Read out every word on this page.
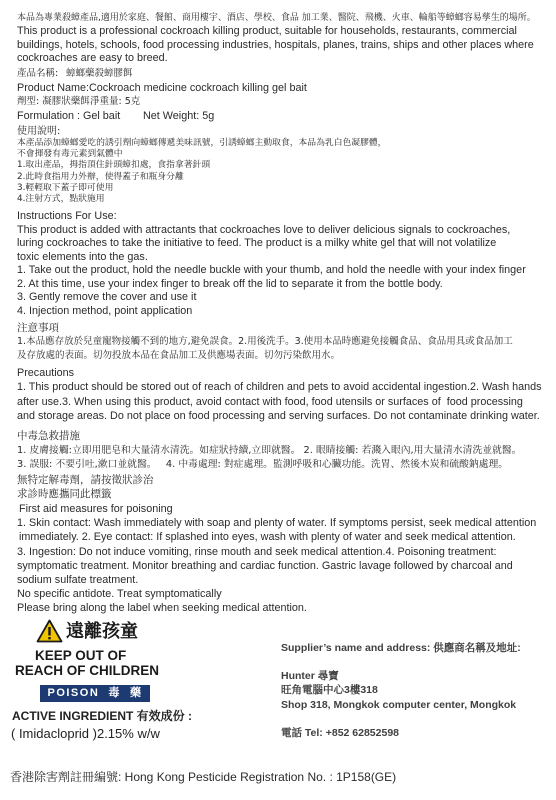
本品為專業殺蟑產品,適用於家庭、餐館、商用樓宇、酒店、學校、食品 加工業、醫院、飛機、火車、輪船等蟑螂容易孳生的場所。
This product is a professional cockroach killing product, suitable for households, restaurants, commercial
buildings, hotels, schools, food processing industries, hospitals, planes, trains, ships and other places where
cockroaches are easy to breed.
產品名稱: 蟑螂藥殺蟑膠餌
Product Name:Cockroach medicine cockroach killing gel bait
劑型: 凝膠狀藥餌淨重量: 5克
Formulation : Gel bait Net Weight: 5g
使用說明:
本產品添加蟑螂愛吃的誘引劑向蟑螂傳遞美味訊號，引誘蟑螂主動取食，本品為乳白色凝膠體，
不會揮發有毒元素到氣體中
1.取出產品，拇指頂住針頭蟑扣處，食指拿著針頭
2.此時食指用力外辦，使得蓋子和瓶身分離
3.輕輕取下蓋子即可使用
4.注射方式，點狀施用
Instructions For Use:
This product is added with attractants that cockroaches love to deliver delicious signals to cockroaches,
luring cockroaches to take the initiative to feed. The product is a milky white gel that will not volatilize
toxic elements into the gas.
1. Take out the product, hold the needle buckle with your thumb, and hold the needle with your index finger
2. At this time, use your index finger to break off the lid to separate it from the bottle body.
3. Gently remove the cover and use it
4. Injection method, point application
注意事項
1.本品應存放於兒童寵物接觸不到的地方,避免誤食。2.用後洗手。3.使用本品時應避免接觸食品、食品用具或食品加工
及存放處的表面。切勿投放本品在食品加工及供應場表面。切勿污染飲用水。
Precautions
1. This product should be stored out of reach of children and pets to avoid accidental ingestion.2. Wash hands
after use.3. When using this product, avoid contact with food, food utensils or surfaces of  food processing
and storage areas. Do not place on food processing and serving surfaces. Do not contaminate drinking water.
中毒急救措施
1. 皮膚接觸:立即用肥皂和大量清水清洗。如症狀持續,立即就醫。 2. 眼睛接觸: 若濺入眼內,用大量清水清洗並就醫。
3. 誤服: 不要引吐,漱口並就醫。   4. 中毒處理: 對症處理。監測呼吸和心臟功能。洗胃、然後木炭和硫酸鈉處理。
無特定解毒劑，請按徵狀診治
求診時應攜同此標籤
First aid measures for poisoning
1. Skin contact: Wash immediately with soap and plenty of water. If symptoms persist, seek medical attention
immediately. 2. Eye contact: If splashed into eyes, wash with plenty of water and seek medical attention.
3. Ingestion: Do not induce vomiting, rinse mouth and seek medical attention.4. Poisoning treatment:
symptomatic treatment. Monitor breathing and cardiac function. Gastric lavage followed by charcoal and
sodium sulfate treatment.
No specific antidote. Treat symptomatically
Please bring along the label when seeking medical attention.
遠離孩童
KEEP OUT OF
REACH OF CHILDREN
POISON  毒  藥
ACTIVE INGREDIENT 有效成份 :
( Imidacloprid )2.15% w/w
Supplier’s name and address: 供應商名稱及地址:
Hunter 尋寶
旺角電腦中心3樓318
Shop 318, Mongkok computer center, Mongkok
電話 Tel: +852 62852598
香港除害劑註冊編號: Hong Kong Pesticide Registration No. : 1P158(GE)
